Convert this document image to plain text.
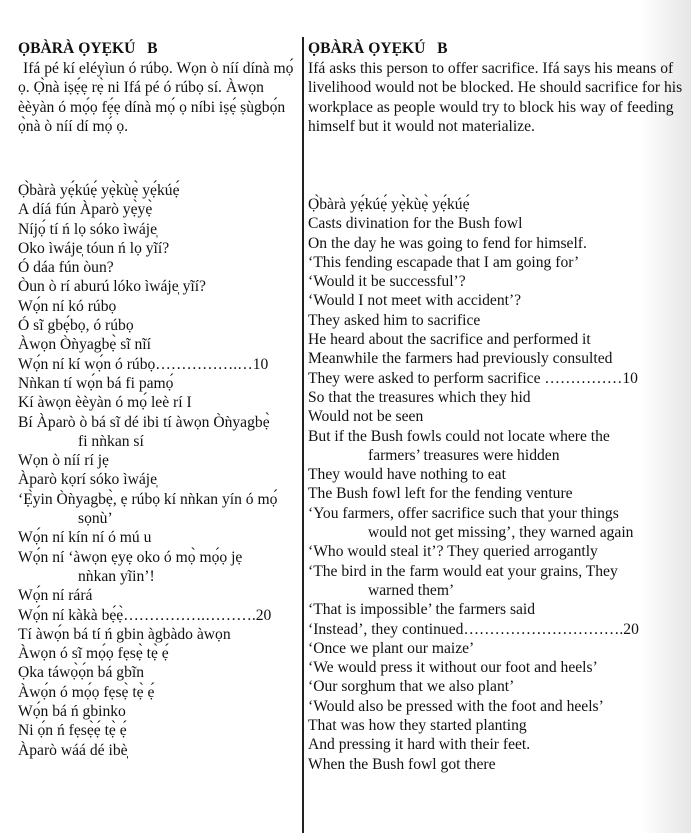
ỌBÀRÀ ỌYẸKÚ   B
Ifá pé kí eléyìun ó rúbọ. Wọn ò níí dínà mọ́ ọ. Ọ̀nà iṣẹ́ẹ rẹ̀ ni Ifá pé ó rúbọ sí. Àwọn èèyàn ó mọ́ọ fẹ́ẹ dínà mọ́ ọ níbi iṣẹ́ ṣùgbọ́n ọ̀nà ò níí dí mọ́ ọ.
Ọ̀bàrà yẹ́kúẹ́ yẹ̀kùẹ̀ yẹ́kúẹ́
A díá fún Àparò yẹ̀yẹ̀
Níjọ́ tí ń lọ sóko ìwáje̩
Oko ìwáje̩ tóun ń lọ yĩí?
Ó dáa fún òun?
Òun ò rí aburú lóko ìwáje̩ yĩí?
Wọ́n ní kó rúbọ
Ó sĩ gbẹ́bọ, ó rúbọ
Àwọn Òǹyagbẹ̀ sĩ nĩí
Wọ́n ní kí wọ́n ó rúbọ…………….…10
Nǹkan tí wọ́n bá fi pamọ́
Kí àwọn èèyàn ó mọ́ leè rí I
Bí Àparò ò bá sĩ dé ibi tí àwọn Òǹyagbẹ̀
fi nǹkan sí
Wọn ò níí rí jẹ
Àparò kọrí sóko ìwáje̩
‘Ẹ̀yin Òǹyagbẹ̀, ẹ rúbọ kí nǹkan yín ó mọ́
sọnù’
Wọ́n ní kín ní ó mú u
Wọ́n ní ‘àwọn ẹyẹ oko ó mọ̀ mọ́ọ jẹ
nǹkan yĩin’!
Wọ́n ní rárá
Wọ́n ní kàkà bẹ́ẹ̀…………….……….20
Tí àwọ́n bá tí ń gbin àgbàdo àwọn
Àwọn ó sĩ mọ́ọ fẹsẹ̀ tẹ̀ ẹ́
Ọka táwọ̀ọ́n bá gbĩn
Àwọ́n ó mọ́ọ fẹsẹ̀ tẹ̀ ẹ́
Wọ́n bá ń gbinko
Ni ọ́n ń fẹsẹ̀ẹ́ tẹ̀ ẹ́
Àparò wáá dé ibè̩
ỌBÀRÀ ỌYẸKÚ   B
Ifá asks this person to offer sacrifice. Ifá says his means of livelihood would not be blocked. He should sacrifice for his workplace as people would try to block his way of feeding himself but it would not materialize.
Ọ̀bàrà yẹ́kúẹ́ yẹ̀kùẹ̀ yẹ́kúẹ́
Casts divination for the Bush fowl
On the day he was going to fend for himself.
‘This fending escapade that I am going for’
‘Would it be successful’?
‘Would I not meet with accident’?
They asked him to sacrifice
He heard about the sacrifice and performed it
Meanwhile the farmers had previously consulted
They were asked to perform sacrifice ……………10
So that the treasures which they hid
Would not be seen
But if the Bush fowls could not locate where the
farmers’ treasures were hidden
They would have nothing to eat
The Bush fowl left for the fending venture
‘You farmers, offer sacrifice such that your things
would not get missing’, they warned again
‘Who would steal it’? They queried arrogantly
‘The bird in the farm would eat your grains, They
warned them’
‘That is impossible’ the farmers said
‘Instead’, they continued………………………….20
‘Once we plant our maize’
‘We would press it without our foot and heels’
‘Our sorghum that we also plant’
‘Would also be pressed with the foot and heels’
That was how they started planting
And pressing it hard with their feet.
When the Bush fowl got there
